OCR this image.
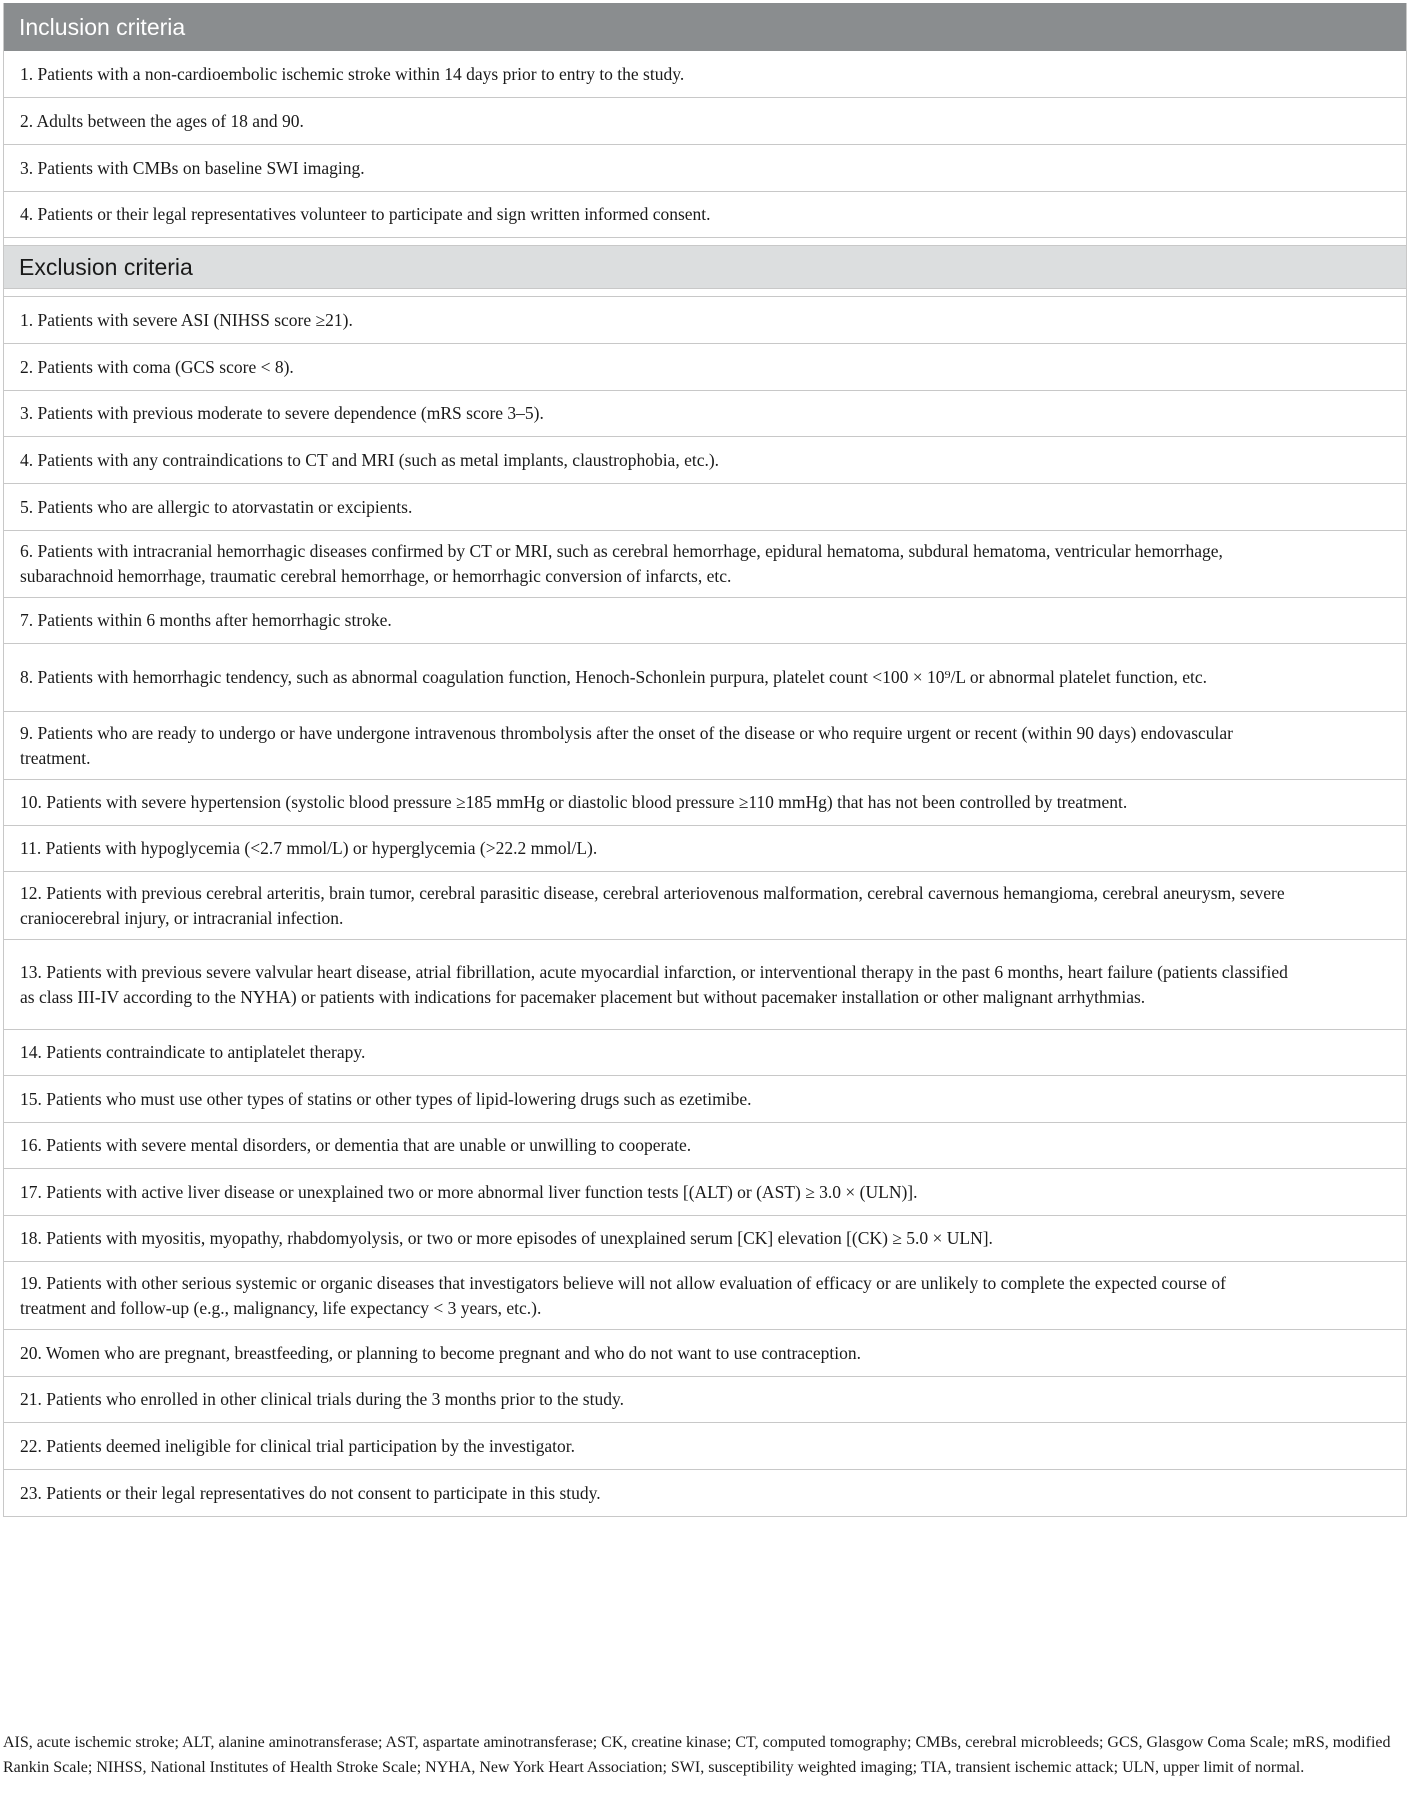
Inclusion criteria
1. Patients with a non-cardioembolic ischemic stroke within 14 days prior to entry to the study.
2. Adults between the ages of 18 and 90.
3. Patients with CMBs on baseline SWI imaging.
4. Patients or their legal representatives volunteer to participate and sign written informed consent.
Exclusion criteria
1. Patients with severe ASI (NIHSS score ≥21).
2. Patients with coma (GCS score < 8).
3. Patients with previous moderate to severe dependence (mRS score 3–5).
4. Patients with any contraindications to CT and MRI (such as metal implants, claustrophobia, etc.).
5. Patients who are allergic to atorvastatin or excipients.
6. Patients with intracranial hemorrhagic diseases confirmed by CT or MRI, such as cerebral hemorrhage, epidural hematoma, subdural hematoma, ventricular hemorrhage, subarachnoid hemorrhage, traumatic cerebral hemorrhage, or hemorrhagic conversion of infarcts, etc.
7. Patients within 6 months after hemorrhagic stroke.
8. Patients with hemorrhagic tendency, such as abnormal coagulation function, Henoch-Schonlein purpura, platelet count <100 × 10⁹/L or abnormal platelet function, etc.
9. Patients who are ready to undergo or have undergone intravenous thrombolysis after the onset of the disease or who require urgent or recent (within 90 days) endovascular treatment.
10. Patients with severe hypertension (systolic blood pressure ≥185 mmHg or diastolic blood pressure ≥110 mmHg) that has not been controlled by treatment.
11. Patients with hypoglycemia (<2.7 mmol/L) or hyperglycemia (>22.2 mmol/L).
12. Patients with previous cerebral arteritis, brain tumor, cerebral parasitic disease, cerebral arteriovenous malformation, cerebral cavernous hemangioma, cerebral aneurysm, severe craniocerebral injury, or intracranial infection.
13. Patients with previous severe valvular heart disease, atrial fibrillation, acute myocardial infarction, or interventional therapy in the past 6 months, heart failure (patients classified as class III-IV according to the NYHA) or patients with indications for pacemaker placement but without pacemaker installation or other malignant arrhythmias.
14. Patients contraindicate to antiplatelet therapy.
15. Patients who must use other types of statins or other types of lipid-lowering drugs such as ezetimibe.
16. Patients with severe mental disorders, or dementia that are unable or unwilling to cooperate.
17. Patients with active liver disease or unexplained two or more abnormal liver function tests [(ALT) or (AST) ≥ 3.0 × (ULN)].
18. Patients with myositis, myopathy, rhabdomyolysis, or two or more episodes of unexplained serum [CK] elevation [(CK) ≥ 5.0 × ULN].
19. Patients with other serious systemic or organic diseases that investigators believe will not allow evaluation of efficacy or are unlikely to complete the expected course of treatment and follow-up (e.g., malignancy, life expectancy < 3 years, etc.).
20. Women who are pregnant, breastfeeding, or planning to become pregnant and who do not want to use contraception.
21. Patients who enrolled in other clinical trials during the 3 months prior to the study.
22. Patients deemed ineligible for clinical trial participation by the investigator.
23. Patients or their legal representatives do not consent to participate in this study.
AIS, acute ischemic stroke; ALT, alanine aminotransferase; AST, aspartate aminotransferase; CK, creatine kinase; CT, computed tomography; CMBs, cerebral microbleeds; GCS, Glasgow Coma Scale; mRS, modified Rankin Scale; NIHSS, National Institutes of Health Stroke Scale; NYHA, New York Heart Association; SWI, susceptibility weighted imaging; TIA, transient ischemic attack; ULN, upper limit of normal.
